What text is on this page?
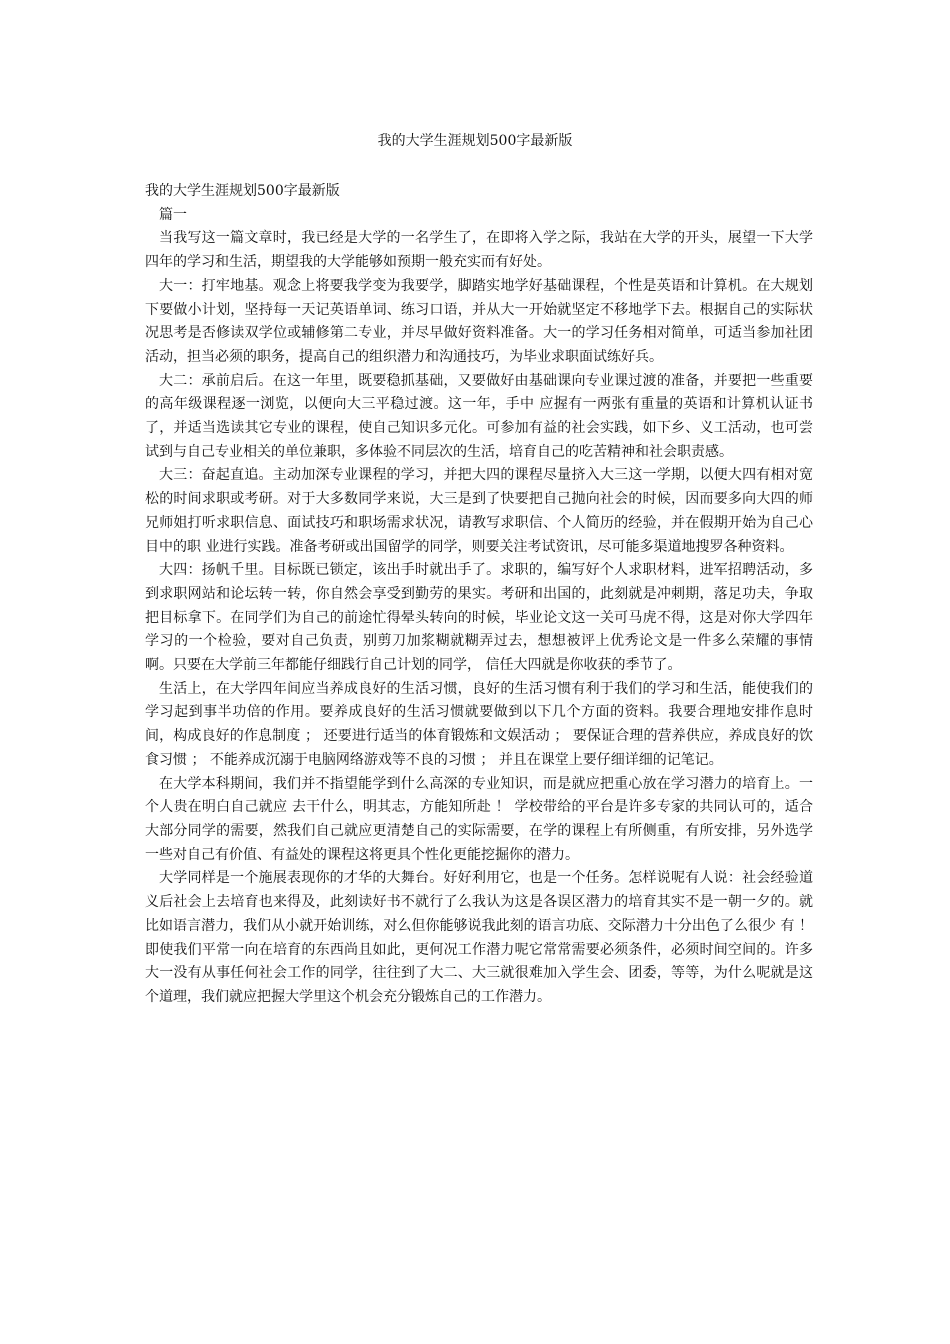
我的大学生涯规划500字最新版

我的大学生涯规划500字最新版

篇一

当我写这一篇文章时，我已经是大学的一名学生了，在即将入学之际，我站在大学的开头，展望一下大学四年的学习和生活，期望我的大学能够如预期一般充实而有好处。

大一：打牢地基。观念上将要我学变为我要学，脚踏实地学好基础课程，个性是英语和计算机。在大规划下要做小计划，坚持每一天记英语单词、练习口语，并从大一开始就坚定不移地学下去。根据自己的实际状况思考是否修读双学位或辅修第二专业，并尽早做好资料准备。大一的学习任务相对简单，可适当参加社团活动，担当必须的职务，提高自己的组织潜力和沟通技巧，为毕业求职面试练好兵。

大二：承前启后。在这一年里，既要稳抓基础，又要做好由基础课向专业课过渡的准备，并要把一些重要的高年级课程逐一浏览，以便向大三平稳过渡。这一年，手中 应握有一两张有重量的英语和计算机认证书了，并适当选读其它专业的课程，使自己知识多元化。可参加有益的社会实践，如下乡、义工活动，也可尝试到与自己专业相关的单位兼职，多体验不同层次的生活，培育自己的吃苦精神和社会职责感。

大三：奋起直追。主动加深专业课程的学习，并把大四的课程尽量挤入大三这一学期，以便大四有相对宽松的时间求职或考研。对于大多数同学来说，大三是到了快要把自己抛向社会的时候，因而要多向大四的师兄师姐打听求职信息、面试技巧和职场需求状况，请教写求职信、个人简历的经验，并在假期开始为自己心目中的职 业进行实践。准备考研或出国留学的同学，则要关注考试资讯，尽可能多渠道地搜罗各种资料。

大四：扬帆千里。目标既已锁定，该出手时就出手了。求职的，编写好个人求职材料，进军招聘活动，多到求职网站和论坛转一转，你自然会享受到勤劳的果实。考研和出国的，此刻就是冲刺期，落足功夫，争取把目标拿下。在同学们为自己的前途忙得晕头转向的时候，毕业论文这一关可马虎不得，这是对你大学四年学习的一个检验，要对自己负责，别剪刀加浆糊就糊弄过去，想想被评上优秀论文是一件多么荣耀的事情啊。只要在大学前三年都能仔细践行自己计划的同学， 信任大四就是你收获的季节了。

生活上，在大学四年间应当养成良好的生活习惯，良好的生活习惯有利于我们的学习和生活，能使我们的学习起到事半功倍的作用。要养成良好的生活习惯就要做到以下几个方面的资料。我要合理地安排作息时间，构成良好的作息制度 ； 还要进行适当的体育锻炼和文娱活动 ； 要保证合理的营养供应，养成良好的饮食习惯 ； 不能养成沉溺于电脑网络游戏等不良的习惯 ； 并且在课堂上要仔细详细的记笔记。

在大学本科期间，我们并不指望能学到什么高深的专业知识，而是就应把重心放在学习潜力的培育上。一个人贵在明白自己就应 去干什么，明其志，方能知所赴 ！ 学校带给的平台是许多专家的共同认可的，适合大部分同学的需要，然我们自己就应更清楚自己的实际需要，在学的课程上有所侧重，有所安排，另外选学一些对自己有价值、有益处的课程这将更具个性化更能挖掘你的潜力。

大学同样是一个施展表现你的才华的大舞台。好好利用它，也是一个任务。怎样说呢有人说：社会经验道义后社会上去培育也来得及，此刻读好书不就行了么我认为这是各误区潜力的培育其实不是一朝一夕的。就比如语言潜力，我们从小就开始训练，对么但你能够说我此刻的语言功底、交际潜力十分出色了么很少 有 ！ 即使我们平常一向在培育的东西尚且如此，更何况工作潜力呢它常常需要必须条件，必须时间空间的。许多大一没有从事任何社会工作的同学，往往到了大二、大三就很难加入学生会、团委，等等，为什么呢就是这个道理，我们就应把握大学里这个机会充分锻炼自己的工作潜力。
